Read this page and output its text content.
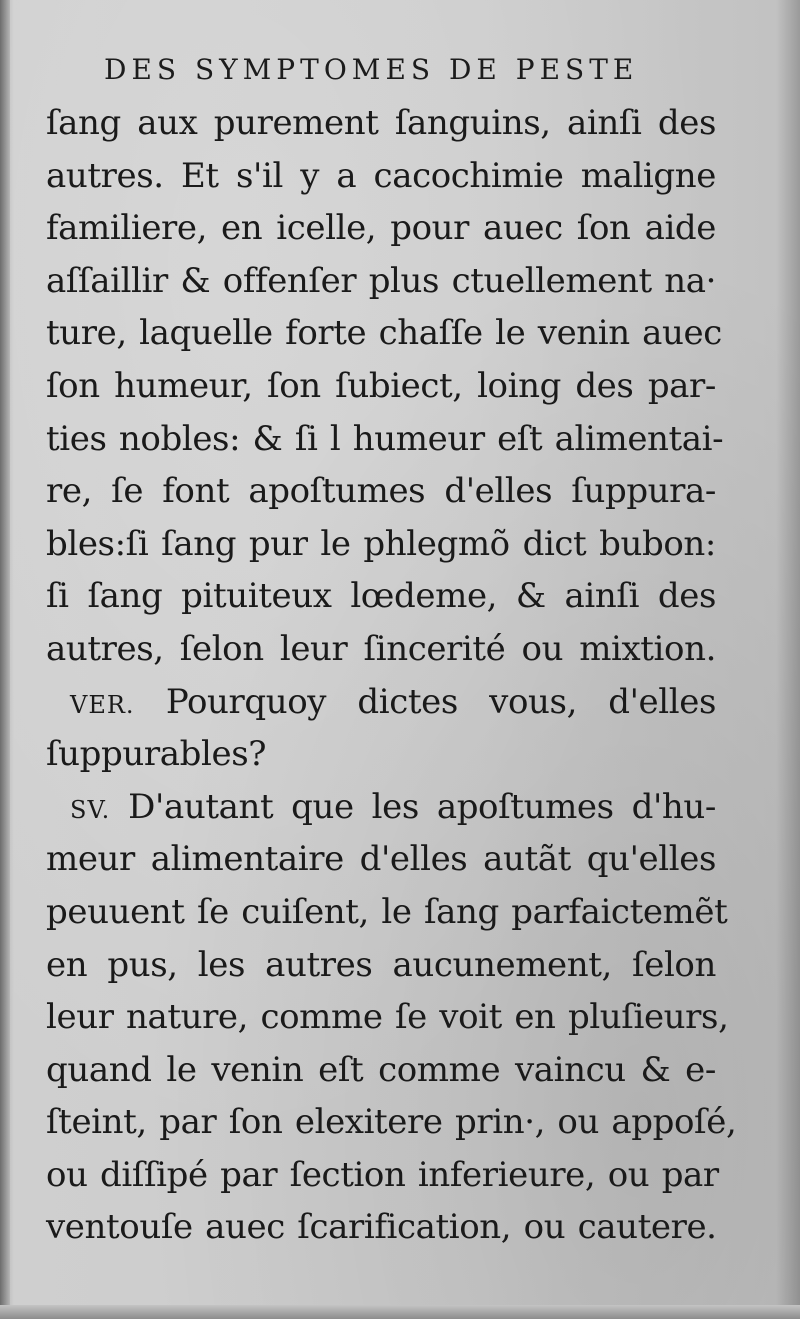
DES SYMPTOMES DE PESTE
ſang aux purement ſanguins, ainſi des
autres. Et s'il y a cacochimie maligne
familiere, en icelle, pour auec ſon aide
aſſaillir & offenſer plus ctuellement na·
ture, laquelle forte chaſſe le venin auec
ſon humeur, ſon ſubiect, loing des par-
ties nobles: & ſi l humeur eſt alimentai-
re, ſe font apoſtumes d'elles ſuppura-
bles:ſi ſang pur le phlegmõ dict bubon:
ſi ſang pituiteux lœdeme, & ainſi des
autres, ſelon leur ſincerité ou mixtion.
VER. Pourquoy dictes vous, d'elles
ſuppurables?
SV. D'autant que les apoſtumes d'hu-
meur alimentaire d'elles autãt qu'elles
peuuent ſe cuiſent, le ſang parfaictemẽt
en pus, les autres aucunement, ſelon
leur nature, comme ſe voit en pluſieurs,
quand le venin eſt comme vaincu & e-
ſteint, par ſon elexitere prin·, ou appoſé,
ou diſſipé par ſection inferieure, ou par
ventouſe auec ſcarification, ou cautere.
